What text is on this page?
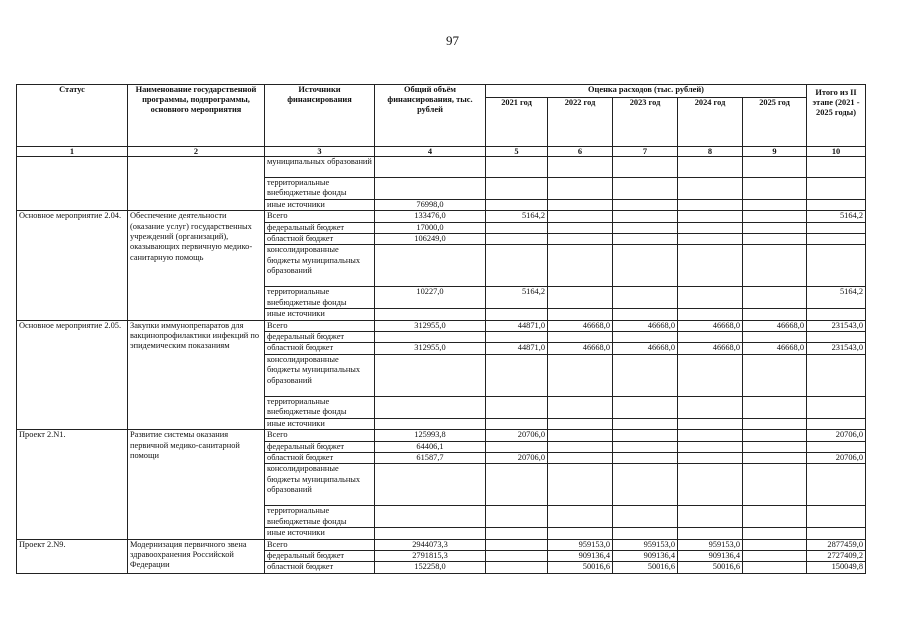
97
Статус	Наименование государственной программы, подпрограммы, основного мероприятия	Источники финансирования	Общий объём финансирования, тыс. рублей	Оценка расходов (тыс. рублей)					Итого из II этапе (2021 - 2025 годы)
				2021 год	2022 год	2023 год	2024 год	2025 год	
1	2	3	4	5	6	7	8	9	10
		муниципальных образований							
		территориальные внебюджетные фонды							
		иные источники	76998,0						
Основное мероприятие 2.04.	Обеспечение деятельности (оказание услуг) государственных учреждений (организаций), оказывающих первичную медико-санитарную помощь	Всего	133476,0	5164,2					5164,2
		федеральный бюджет	17000,0						
		областной бюджет	106249,0						
		консолидированные бюджеты муниципальных образований							
		территориальные внебюджетные фонды	10227,0	5164,2					5164,2
		иные источники							
Основное мероприятие 2.05.	Закупки иммунопрепаратов для вакцинопрофилактики инфекций по эпидемическим показаниям	Всего	312955,0	44871,0	46668,0	46668,0	46668,0	46668,0	231543,0
		федеральный бюджет							
		областной бюджет	312955,0	44871,0	46668,0	46668,0	46668,0	46668,0	231543,0
		консолидированные бюджеты муниципальных образований							
		территориальные внебюджетные фонды							
		иные источники							
Проект 2.N1.	Развитие системы оказания первичной медико-санитарной помощи	Всего	125993,8	20706,0					20706,0
		федеральный бюджет	64406,1						
		областной бюджет	61587,7	20706,0					20706,0
		консолидированные бюджеты муниципальных образований							
		территориальные внебюджетные фонды							
		иные источники							
Проект 2.N9.	Модернизация первичного звена здравоохранения Российской Федерации	Всего	2944073,3		959153,0	959153,0	959153,0		2877459,0
		федеральный бюджет	2791815,3		909136,4	909136,4	909136,4		2727409,2
		областной бюджет	152258,0		50016,6	50016,6	50016,6		150049,8
